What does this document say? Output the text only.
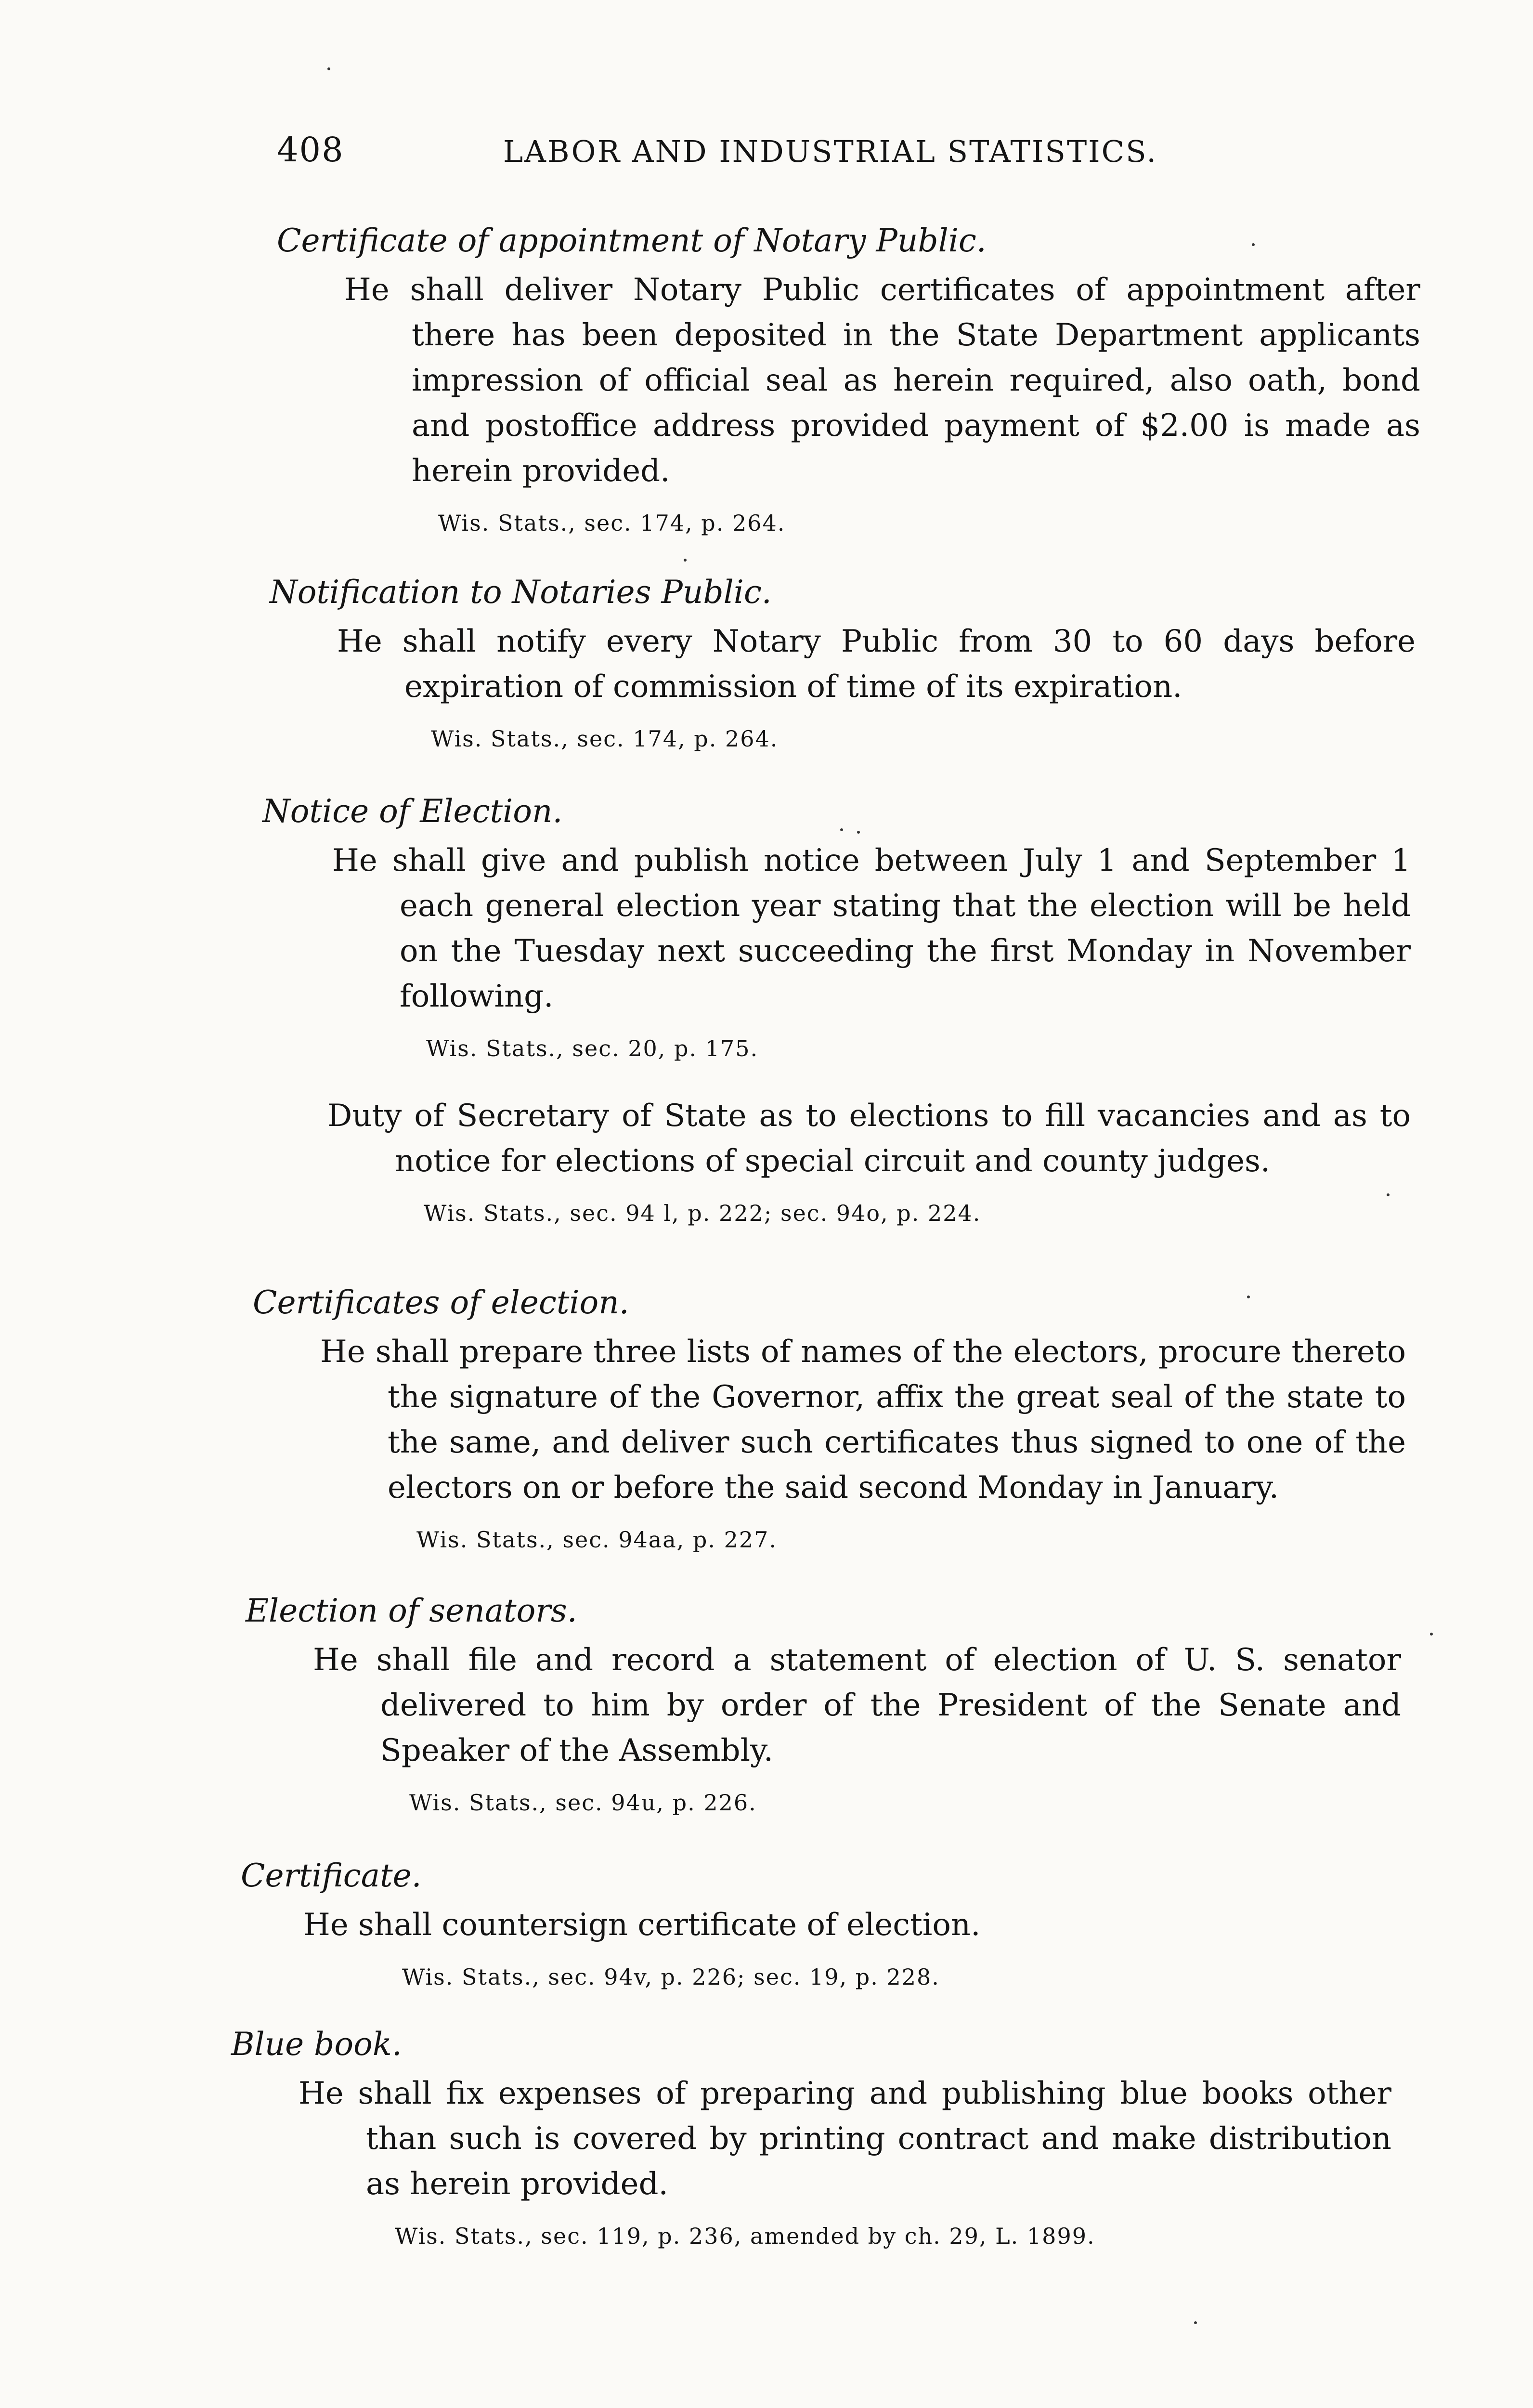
408	LABOR AND INDUSTRIAL STATISTICS.
Certificate of appointment of Notary Public.
He shall deliver Notary Public certificates of appointment after there has been deposited in the State Department applicants impression of official seal as herein required, also oath, bond and postoffice address provided payment of $2.00 is made as herein provided.
Wis. Stats., sec. 174, p. 264.
Notification to Notaries Public.
He shall notify every Notary Public from 30 to 60 days before expiration of commission of time of its expiration.
Wis. Stats., sec. 174, p. 264.
Notice of Election.
He shall give and publish notice between July 1 and September 1 each general election year stating that the election will be held on the Tuesday next succeeding the first Monday in November following.
Wis. Stats., sec. 20, p. 175.
Duty of Secretary of State as to elections to fill vacancies and as to notice for elections of special circuit and county judges.
Wis. Stats., sec. 94 l, p. 222; sec. 94o, p. 224.
Certificates of election.
He shall prepare three lists of names of the electors, procure thereto the signature of the Governor, affix the great seal of the state to the same, and deliver such certificates thus signed to one of the electors on or before the said second Monday in January.
Wis. Stats., sec. 94aa, p. 227.
Election of senators.
He shall file and record a statement of election of U. S. senator delivered to him by order of the President of the Senate and Speaker of the Assembly.
Wis. Stats., sec. 94u, p. 226.
Certificate.
He shall countersign certificate of election.
Wis. Stats., sec. 94v, p. 226; sec. 19, p. 228.
Blue book.
He shall fix expenses of preparing and publishing blue books other than such is covered by printing contract and make distribution as herein provided.
Wis. Stats., sec. 119, p. 236, amended by ch. 29, L. 1899.
